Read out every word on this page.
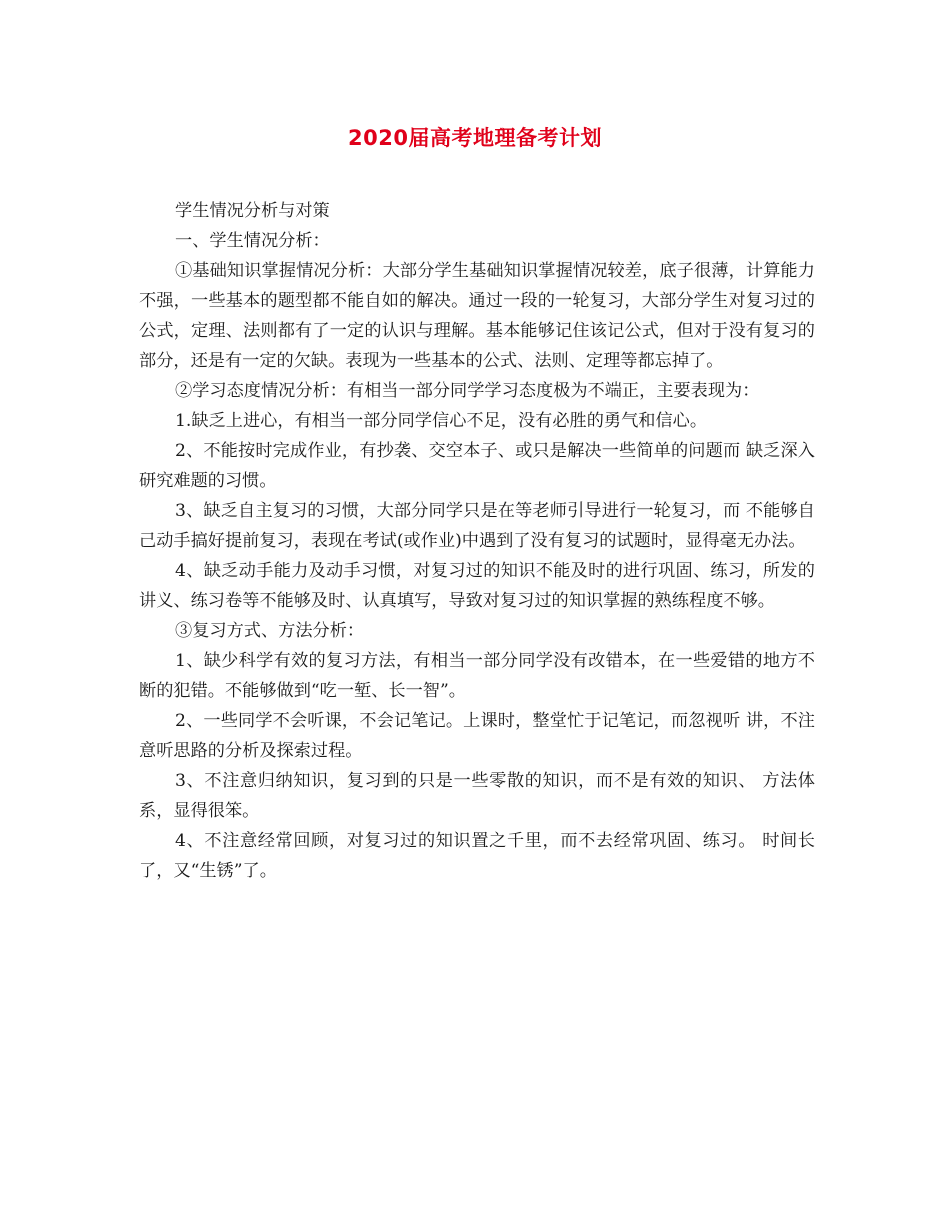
2020届高考地理备考计划

学生情况分析与对策

一、学生情况分析：

①基础知识掌握情况分析：大部分学生基础知识掌握情况较差，底子很薄，计算能力不强，一些基本的题型都不能自如的解决。通过一段的一轮复习，大部分学生对复习过的公式，定理、法则都有了一定的认识与理解。基本能够记住该记公式，但对于没有复习的部分，还是有一定的欠缺。表现为一些基本的公式、法则、定理等都忘掉了。

②学习态度情况分析：有相当一部分同学学习态度极为不端正，主要表现为：

1.缺乏上进心，有相当一部分同学信心不足，没有必胜的勇气和信心。

2、不能按时完成作业，有抄袭、交空本子、或只是解决一些简单的问题而 缺乏深入研究难题的习惯。

3、缺乏自主复习的习惯，大部分同学只是在等老师引导进行一轮复习，而 不能够自己动手搞好提前复习，表现在考试(或作业)中遇到了没有复习的试题时，显得毫无办法。

4、缺乏动手能力及动手习惯，对复习过的知识不能及时的进行巩固、练习，所发的讲义、练习卷等不能够及时、认真填写，导致对复习过的知识掌握的熟练程度不够。

③复习方式、方法分析：

1、缺少科学有效的复习方法，有相当一部分同学没有改错本，在一些爱错的地方不断的犯错。不能够做到“吃一堑、长一智”。

2、一些同学不会听课，不会记笔记。上课时，整堂忙于记笔记，而忽视听 讲，不注意听思路的分析及探索过程。

3、不注意归纳知识，复习到的只是一些零散的知识，而不是有效的知识、 方法体系，显得很笨。

4、不注意经常回顾，对复习过的知识置之千里，而不去经常巩固、练习。 时间长了，又“生锈”了。
